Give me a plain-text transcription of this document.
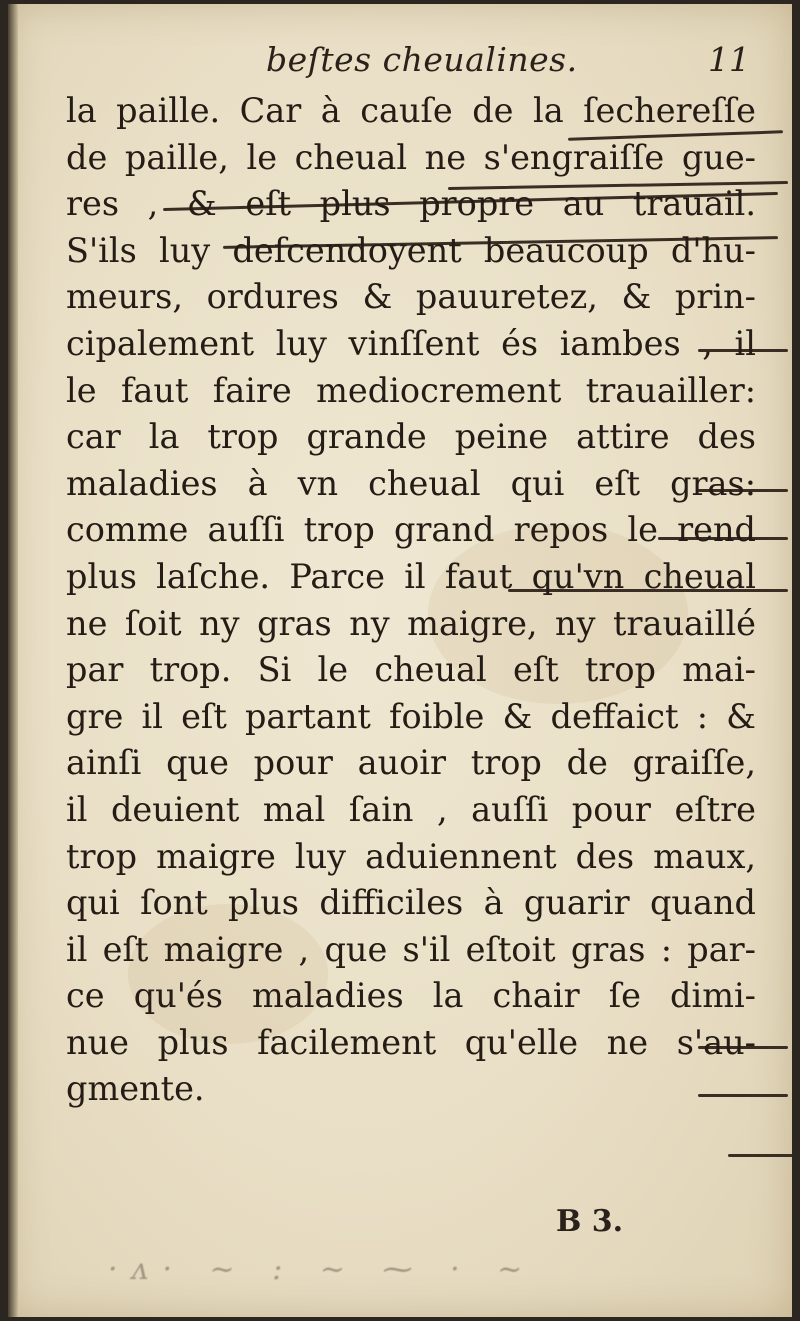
beſtes cheualines.	11
la paille. Car à cauſe de la ſechereſſe
de paille, le cheual ne s'engraiſſe gue-
res , & eſt plus propre au trauail.
S'ils luy deſcendoyent beaucoup d'hu-
meurs, ordures & pauuretez, & prin-
cipalement luy vinſſent és iambes , il
le faut faire mediocrement trauailler:
car la trop grande peine attire des
maladies à vn cheual qui eſt gras:
comme auſſi trop grand repos le rend
plus laſche. Parce il faut qu'vn cheual
ne ſoit ny gras ny maigre, ny trauaillé
par trop. Si le cheual eſt trop mai-
gre il eſt partant foible & deffaict : &
ainſi que pour auoir trop de graiſſe,
il deuient mal ſain , auſſi pour eſtre
trop maigre luy aduiennent des maux,
qui ſont plus difficiles à guarir quand
il eſt maigre , que s'il eſtoit gras : par-
ce qu'és maladies la chair ſe dimi-
nue plus facilement qu'elle ne s'au-
gmente.
B 3.
·ᴧ· ~ : ~ ⁓ · ~
